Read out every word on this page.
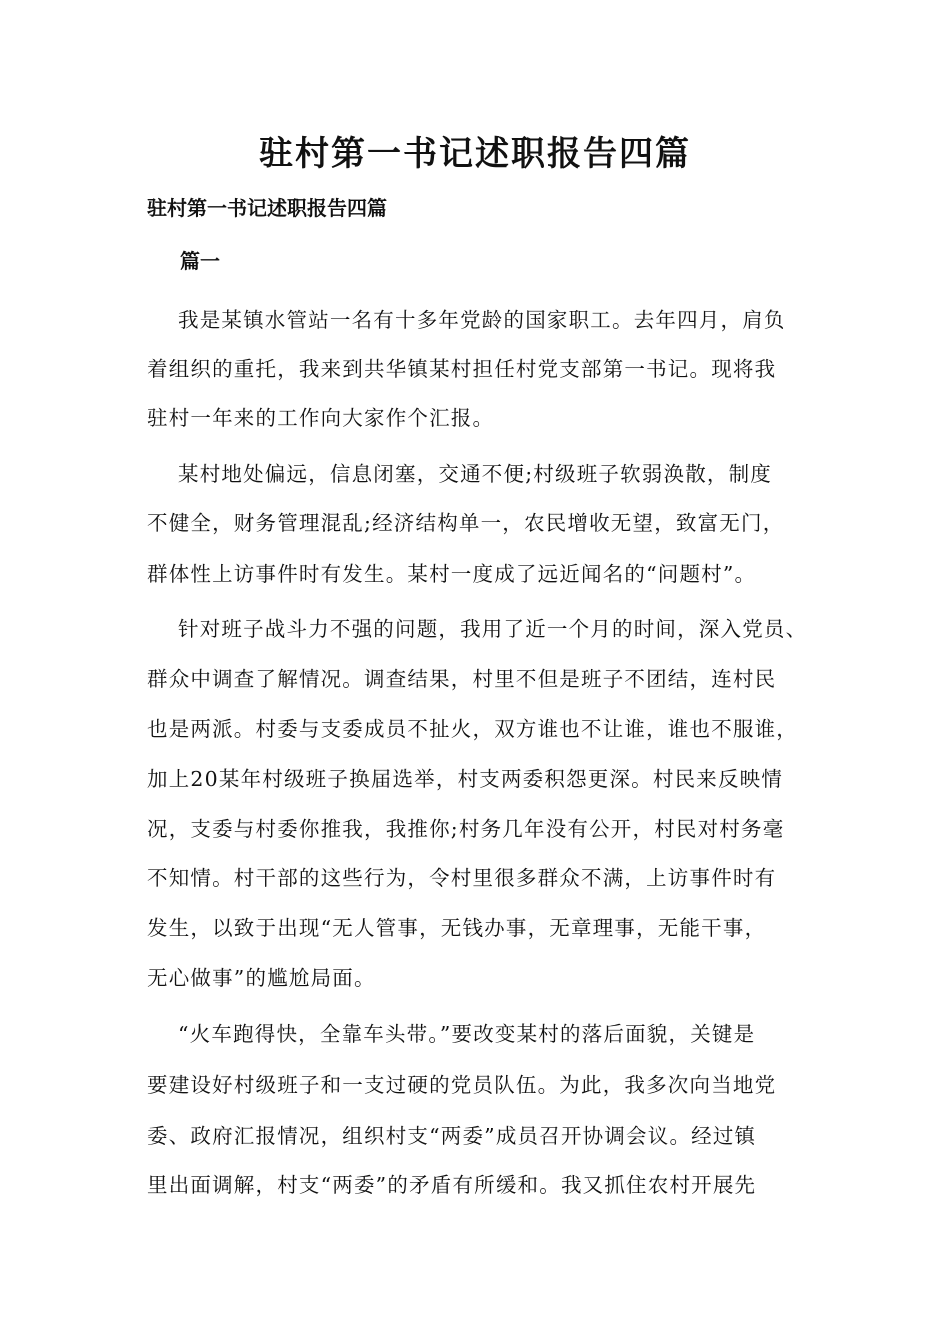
驻村第一书记述职报告四篇
驻村第一书记述职报告四篇
篇一
我是某镇水管站一名有十多年党龄的国家职工。去年四月，肩负
着组织的重托，我来到共华镇某村担任村党支部第一书记。现将我
驻村一年来的工作向大家作个汇报。
某村地处偏远，信息闭塞，交通不便;村级班子软弱涣散，制度
不健全，财务管理混乱;经济结构单一，农民增收无望，致富无门，
群体性上访事件时有发生。某村一度成了远近闻名的“问题村”。
针对班子战斗力不强的问题，我用了近一个月的时间，深入党员、
群众中调查了解情况。调查结果，村里不但是班子不团结，连村民
也是两派。村委与支委成员不扯火，双方谁也不让谁，谁也不服谁，
加上20某年村级班子换届选举，村支两委积怨更深。村民来反映情
况，支委与村委你推我，我推你;村务几年没有公开，村民对村务毫
不知情。村干部的这些行为，令村里很多群众不满，上访事件时有
发生，以致于出现“无人管事，无钱办事，无章理事，无能干事，
无心做事”的尴尬局面。
“火车跑得快，全靠车头带。”要改变某村的落后面貌，关键是
要建设好村级班子和一支过硬的党员队伍。为此，我多次向当地党
委、政府汇报情况，组织村支“两委”成员召开协调会议。经过镇
里出面调解，村支“两委”的矛盾有所缓和。我又抓住农村开展先
